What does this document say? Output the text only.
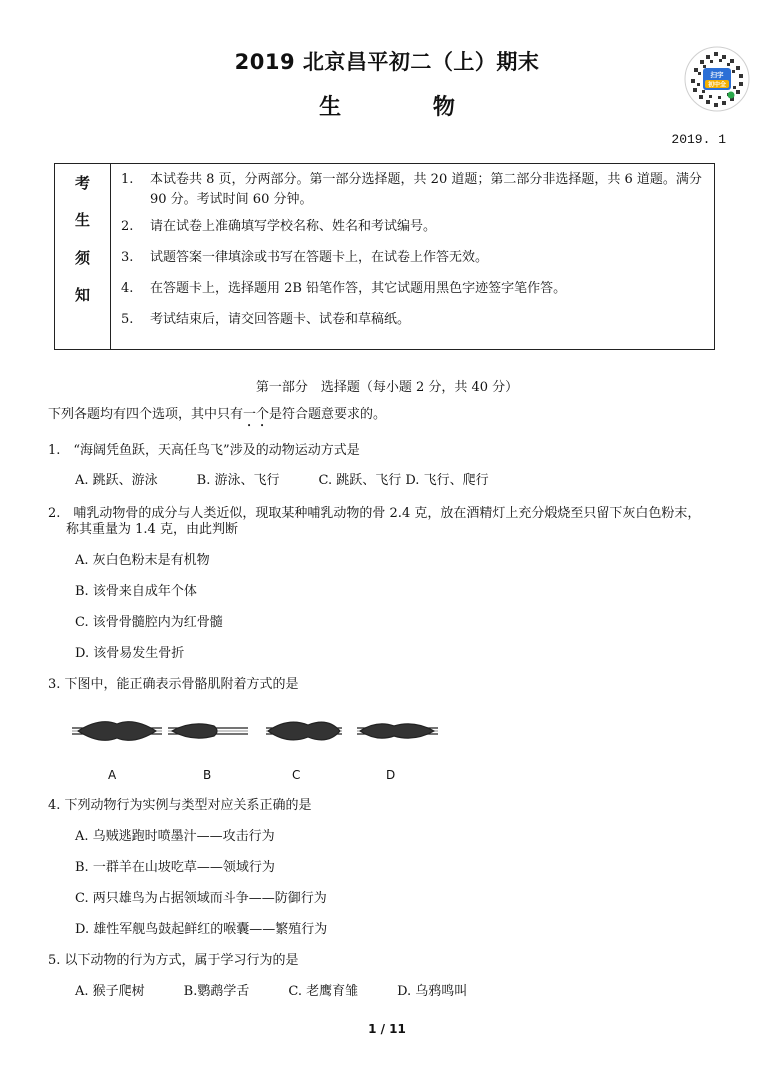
2019 北京昌平初二（上）期末
生	物
2019. 1
扫字
初中全
考
生
须
知
1.	本试卷共 8 页，分两部分。第一部分选择题，共 20 道题；第二部分非选择题，共 6 道题。满分 90 分。考试时间 60 分钟。
2.	请在试卷上准确填写学校名称、姓名和考试编号。
3.	试题答案一律填涂或书写在答题卡上，在试卷上作答无效。
4.	在答题卡上，选择题用 2B 铅笔作答，其它试题用黑色字迹签字笔作答。
5.	考试结束后，请交回答题卡、试卷和草稿纸。
第一部分　选择题（每小题 2 分，共 40 分）
下列各题均有四个选项，其中只有一个是符合题意要求的。
1.　“海阔凭鱼跃，天高任鸟飞”涉及的动物运动方式是
A. 跳跃、游泳　　　B. 游泳、飞行　　　C. 跳跃、飞行 D. 飞行、爬行
2.　哺乳动物骨的成分与人类近似，现取某种哺乳动物的骨 2.4 克，放在酒精灯上充分煅烧至只留下灰白色粉末，
称其重量为 1.4 克，由此判断
A. 灰白色粉末是有机物
B. 该骨来自成年个体
C. 该骨骨髓腔内为红骨髓
D. 该骨易发生骨折
3. 下图中，能正确表示骨骼肌附着方式的是
A	B	C	D
4. 下列动物行为实例与类型对应关系正确的是
A. 乌贼逃跑时喷墨汁——攻击行为
B. 一群羊在山坡吃草——领域行为
C. 两只雄鸟为占据领域而斗争——防御行为
D. 雄性军舰鸟鼓起鲜红的喉囊——繁殖行为
5. 以下动物的行为方式，属于学习行为的是
A. 猴子爬树　　　B.鹦鹉学舌　　　C. 老鹰育雏　　　D. 乌鸦鸣叫
1 / 11
